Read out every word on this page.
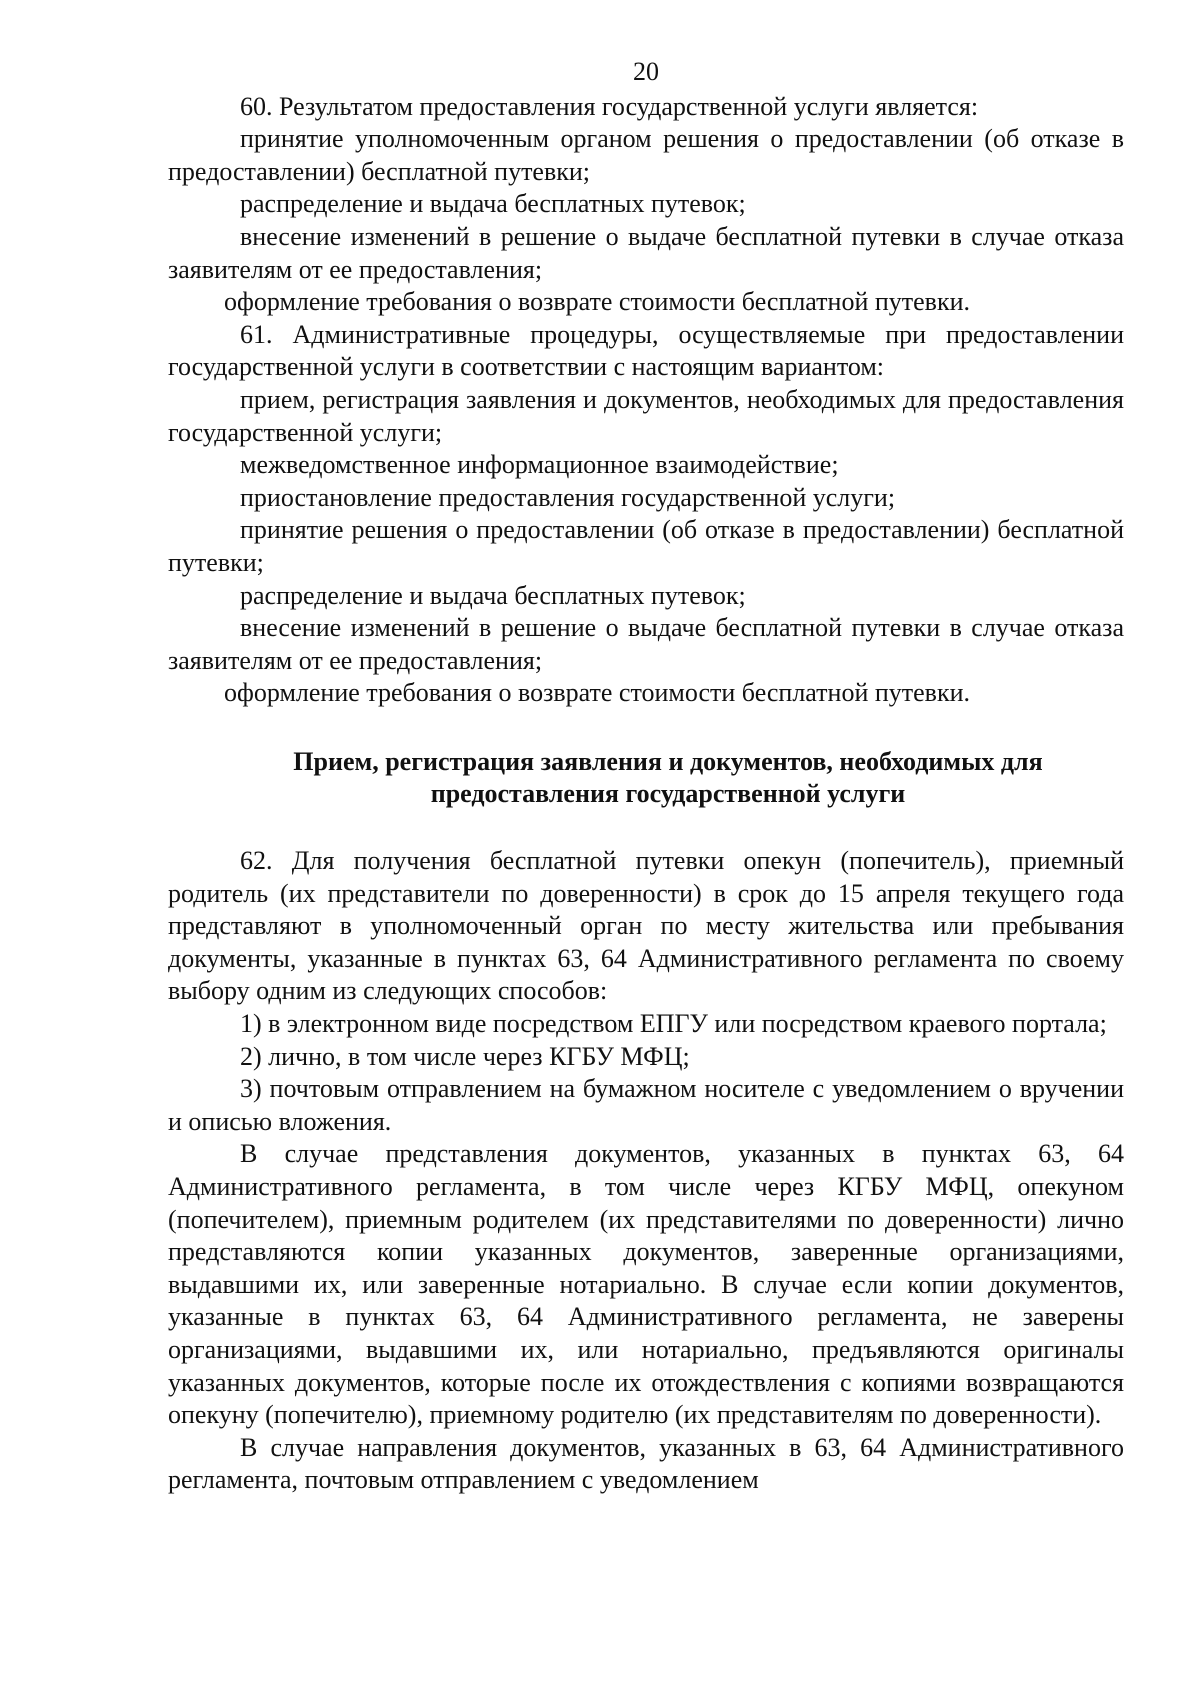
20

60. Результатом предоставления государственной услуги является:

принятие уполномоченным органом решения о предоставлении (об отказе в предоставлении) бесплатной путевки;

распределение и выдача бесплатных путевок;

внесение изменений в решение о выдаче бесплатной путевки в случае отказа заявителям от ее предоставления;

оформление требования о возврате стоимости бесплатной путевки.

61. Административные процедуры, осуществляемые при предоставлении государственной услуги в соответствии с настоящим вариантом:

прием, регистрация заявления и документов, необходимых для предоставления государственной услуги;

межведомственное информационное взаимодействие;

приостановление предоставления государственной услуги;

принятие решения о предоставлении (об отказе в предоставлении) бесплатной путевки;

распределение и выдача бесплатных путевок;

внесение изменений в решение о выдаче бесплатной путевки в случае отказа заявителям от ее предоставления;

оформление требования о возврате стоимости бесплатной путевки.

Прием, регистрация заявления и документов, необходимых для
предоставления государственной услуги

62. Для получения бесплатной путевки опекун (попечитель), приемный родитель (их представители по доверенности) в срок до 15 апреля текущего года представляют в уполномоченный орган по месту жительства или пребывания документы, указанные в пунктах 63, 64 Административного регламента по своему выбору одним из следующих способов:

1) в электронном виде посредством ЕПГУ или посредством краевого портала;

2) лично, в том числе через КГБУ МФЦ;

3) почтовым отправлением на бумажном носителе с уведомлением о вручении и описью вложения.

В случае представления документов, указанных в пунктах 63, 64 Административного регламента, в том числе через КГБУ МФЦ, опекуном (попечителем), приемным родителем (их представителями по доверенности) лично представляются копии указанных документов, заверенные организациями, выдавшими их, или заверенные нотариально. В случае если копии документов, указанные в пунктах 63, 64 Административного регламента, не заверены организациями, выдавшими их, или нотариально, предъявляются оригиналы указанных документов, которые после их отождествления с копиями возвращаются опекуну (попечителю), приемному родителю (их представителям по доверенности).

В случае направления документов, указанных в 63, 64 Административного регламента, почтовым отправлением с уведомлением
